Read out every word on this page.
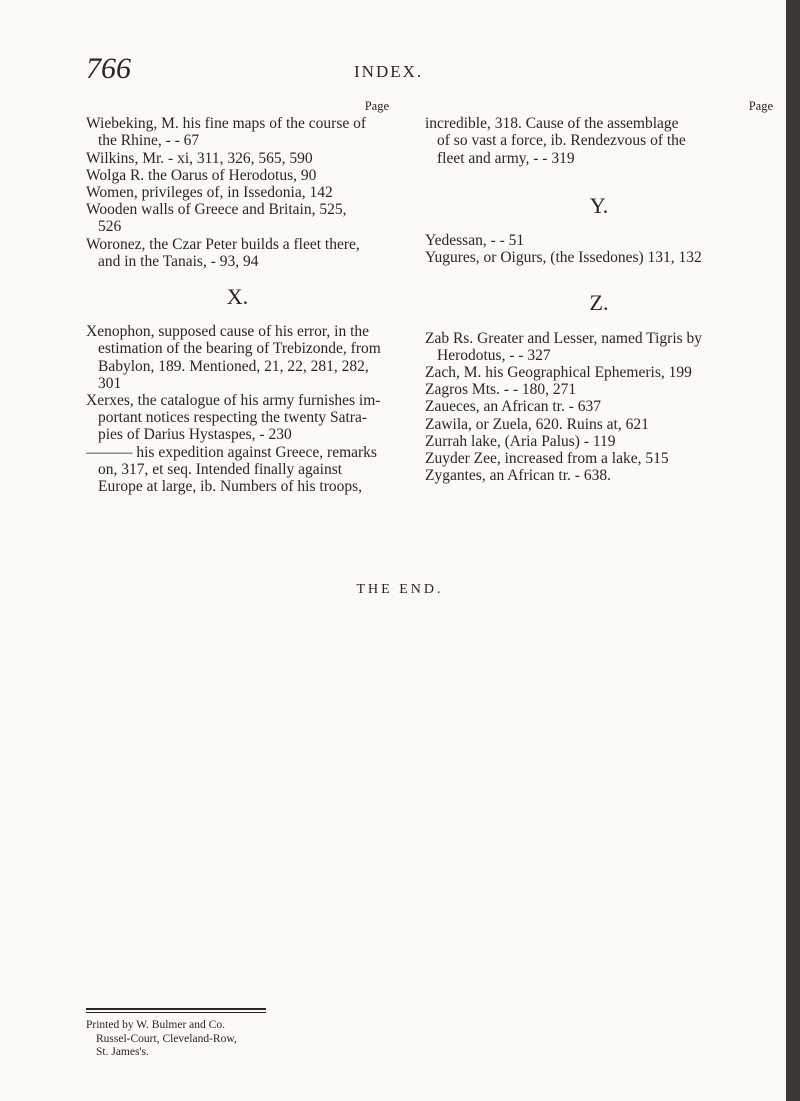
766	INDEX.
Page
Wiebeking, M. his fine maps of the course of
the Rhine, - - 67
Wilkins, Mr. - xi, 311, 326, 565, 590
Wolga R. the Oarus of Herodotus, 90
Women, privileges of, in Issedonia, 142
Wooden walls of Greece and Britain, 525,
526
Woronez, the Czar Peter builds a fleet there,
and in the Tanais, - 93, 94
X.
Xenophon, supposed cause of his error, in the
estimation of the bearing of Trebizonde, from
Babylon, 189. Mentioned, 21, 22, 281, 282,
301
Xerxes, the catalogue of his army furnishes im-
portant notices respecting the twenty Satra-
pies of Darius Hystaspes, - 230
——— his expedition against Greece, remarks
on, 317, et seq. Intended finally against
Europe at large, ib. Numbers of his troops,
Page
incredible, 318. Cause of the assemblage
of so vast a force, ib. Rendezvous of the
fleet and army, - - 319
Y.
Yedessan, - - 51
Yugures, or Oigurs, (the Issedones) 131, 132
Z.
Zab Rs. Greater and Lesser, named Tigris by
Herodotus, - - 327
Zach, M. his Geographical Ephemeris, 199
Zagros Mts. - - 180, 271
Zaueces, an African tr. - 637
Zawila, or Zuela, 620. Ruins at, 621
Zurrah lake, (Aria Palus) - 119
Zuyder Zee, increased from a lake, 515
Zygantes, an African tr. - 638.
THE END.
Printed by W. Bulmer and Co.
Russel-Court, Cleveland-Row,
St. James's.
